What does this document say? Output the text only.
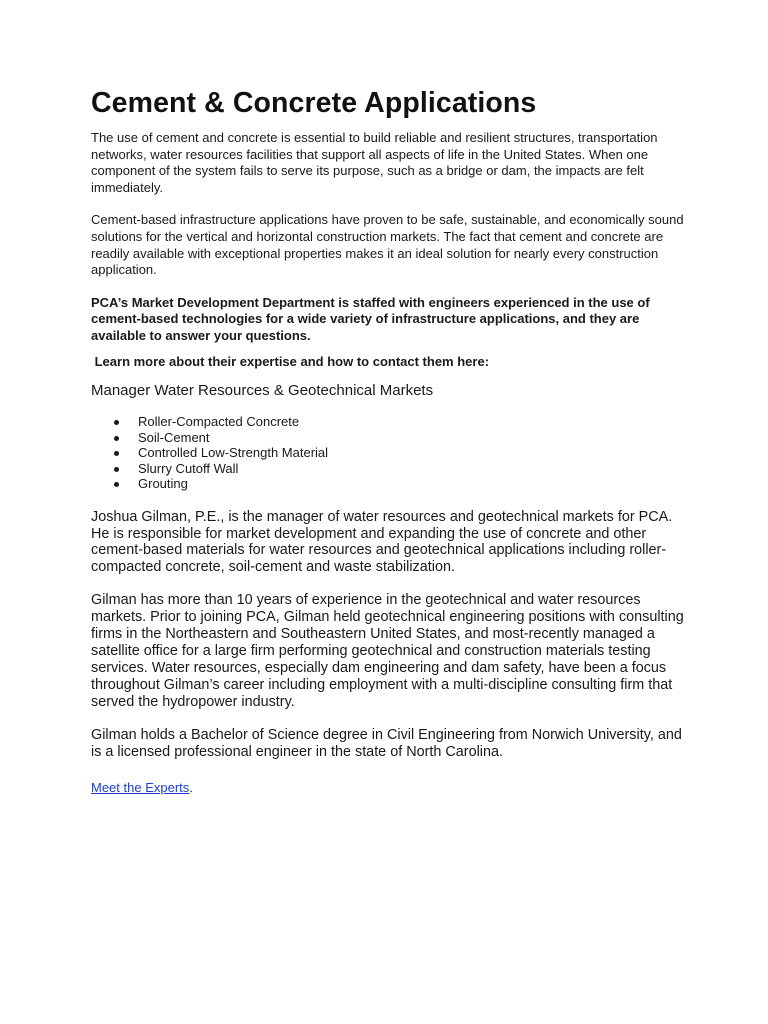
Cement & Concrete Applications

The use of cement and concrete is essential to build reliable and resilient structures, transportation networks, water resources facilities that support all aspects of life in the United States. When one component of the system fails to serve its purpose, such as a bridge or dam, the impacts are felt immediately.

Cement-based infrastructure applications have proven to be safe, sustainable, and economically sound solutions for the vertical and horizontal construction markets. The fact that cement and concrete are readily available with exceptional properties makes it an ideal solution for nearly every construction application.

PCA’s Market Development Department is staffed with engineers experienced in the use of cement-based technologies for a wide variety of infrastructure applications, and they are available to answer your questions.

Learn more about their expertise and how to contact them here:

Manager Water Resources & Geotechnical Markets

Roller-Compacted Concrete
Soil-Cement
Controlled Low-Strength Material
Slurry Cutoff Wall
Grouting

Joshua Gilman, P.E., is the manager of water resources and geotechnical markets for PCA. He is responsible for market development and expanding the use of concrete and other cement-based materials for water resources and geotechnical applications including roller-compacted concrete, soil-cement and waste stabilization.

Gilman has more than 10 years of experience in the geotechnical and water resources markets. Prior to joining PCA, Gilman held geotechnical engineering positions with consulting firms in the Northeastern and Southeastern United States, and most-recently managed a satellite office for a large firm performing geotechnical and construction materials testing services. Water resources, especially dam engineering and dam safety, have been a focus throughout Gilman’s career including employment with a multi-discipline consulting firm that served the hydropower industry.

Gilman holds a Bachelor of Science degree in Civil Engineering from Norwich University, and is a licensed professional engineer in the state of North Carolina.

Meet the Experts.
